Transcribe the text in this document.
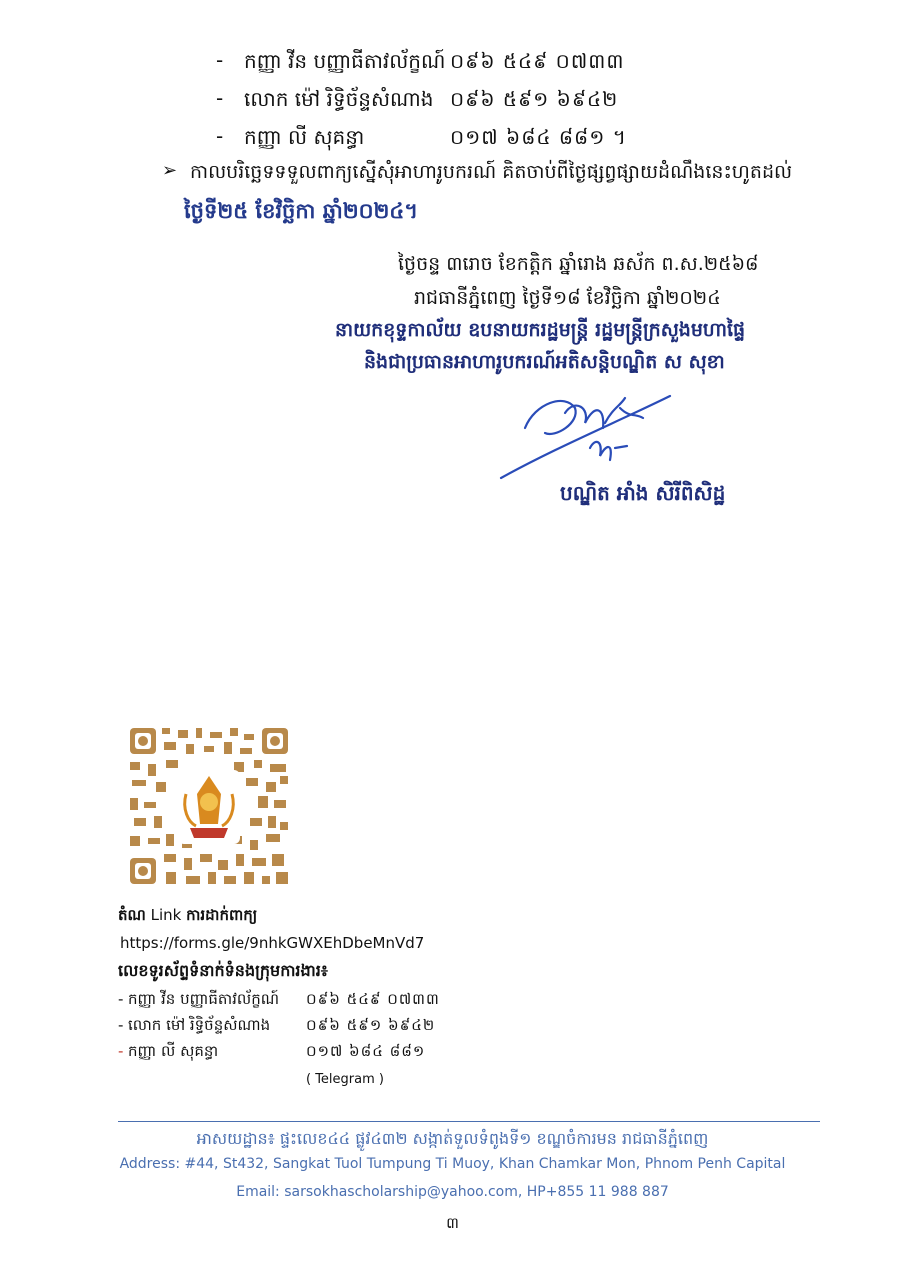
- កញ្ញា វីន បញ្ញាធីតាវល័ក្ខណ៍ ០៩៦ ៥៤៩ ០៧៣៣
- លោក ម៉ៅ រិទ្ធិច័ន្ទសំណាង ០៩៦ ៥៩១ ៦៩៤២
- កញ្ញា លី សុគន្ធា	០១៧ ៦៨៤ ៨៨១ ។
➢ កាលបរិច្ឆេទទទួលពាក្យស្នើសុំអាហារូបករណ៍ គិតចាប់ពីថ្ងៃផ្សព្វផ្សាយដំណឹងនេះហូតដល់
ថ្ងៃទី២៥ ខែវិច្ឆិកា ឆ្នាំ២០២៤។
ថ្ងៃចន្ទ ៣រោច ខែកត្តិក ឆ្នាំរោង ឆស័ក ព.ស.២៥៦៨
រាជធានីភ្នំពេញ ថ្ងៃទី១៨ ខែវិច្ឆិកា ឆ្នាំ២០២៤
នាយកខុទ្ទកាល័យ ឧបនាយករដ្ឋមន្ត្រី រដ្ឋមន្ត្រីក្រសួងមហាផ្ទៃ
និងជាប្រធានអាហារូបករណ៍អតិសន្តិបណ្ឌិត ស សុខា
បណ្ឌិត អាំង សិរីពិសិដ្ឋ
តំណ Link ការដាក់ពាក្យ
https://forms.gle/9nhkGWXEhDbeMnVd7
លេខទូរស័ព្ទទំនាក់ទំនងក្រុមការងារ៖
- កញ្ញា វីន បញ្ញាធីតាវល័ក្ខណ៍ ០៩៦ ៥៤៩ ០៧៣៣
- លោក ម៉ៅ រិទ្ធិច័ន្ទសំណាង ០៩៦ ៥៩១ ៦៩៤២
- កញ្ញា លី សុគន្ធា	០១៧ ៦៨៤ ៨៨១
( Telegram )
អាសយដ្ឋាន៖ ផ្ទះលេខ៤៤ ផ្លូវ៤៣២ សង្កាត់ទួលទំពូងទី១ ខណ្ឌចំការមន រាជធានីភ្នំពេញ
Address: #44, St432, Sangkat Tuol Tumpung Ti Muoy, Khan Chamkar Mon, Phnom Penh Capital
Email: sarsokhascholarship@yahoo.com, HP+855 11 988 887
៣
